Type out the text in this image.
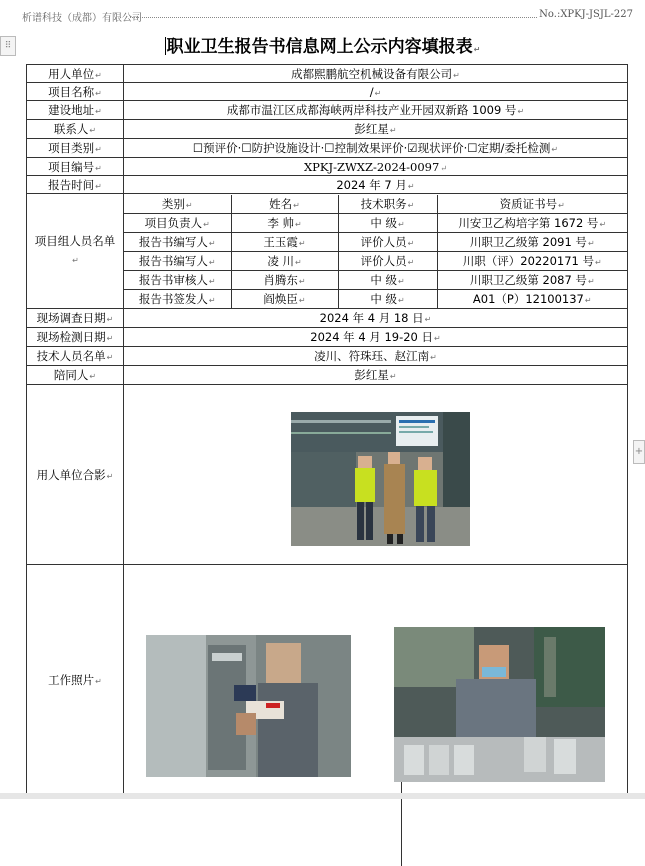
析谱科技（成都）有限公司	No.:XPKJ-JSJL-227
⠿
+
职业卫生报告书信息网上公示内容填报表↵
用人单位↵	成都熙鹏航空机械设备有限公司↵
项目名称↵	/↵
建设地址↵	成都市温江区成都海峡两岸科技产业开园双新路 1009 号↵
联系人↵	彭红星↵
项目类别↵	☐预评价·☐防护设施设计·☐控制效果评价·☑现状评价·☐定期/委托检测↵
项目编号↵	XPKJ-ZWXZ-2024-0097↵
报告时间↵	2024 年 7 月↵
项目组人员名单↵	
类别↵	姓名↵	技术职务↵	资质证书号↵
项目负责人↵	李 帅↵	中 级↵	川安卫乙构培字第 1672 号↵
报告书编写人↵	王玉霞↵	评价人员↵	川职卫乙级第 2091 号↵
报告书编写人↵	凌 川↵	评价人员↵	川职（评）20220171 号↵
报告书审核人↵	肖腾东↵	中 级↵	川职卫乙级第 2087 号↵
报告书签发人↵	阎焕臣↵	中 级↵	A01（P）12100137↵

现场调查日期↵	2024 年 4 月 18 日↵
现场检测日期↵	2024 年 4 月 19-20 日↵
技术人员名单↵	凌川、符珠珏、赵江南↵
陪同人↵	彭红星↵
用人单位合影↵	
工作照片↵	
